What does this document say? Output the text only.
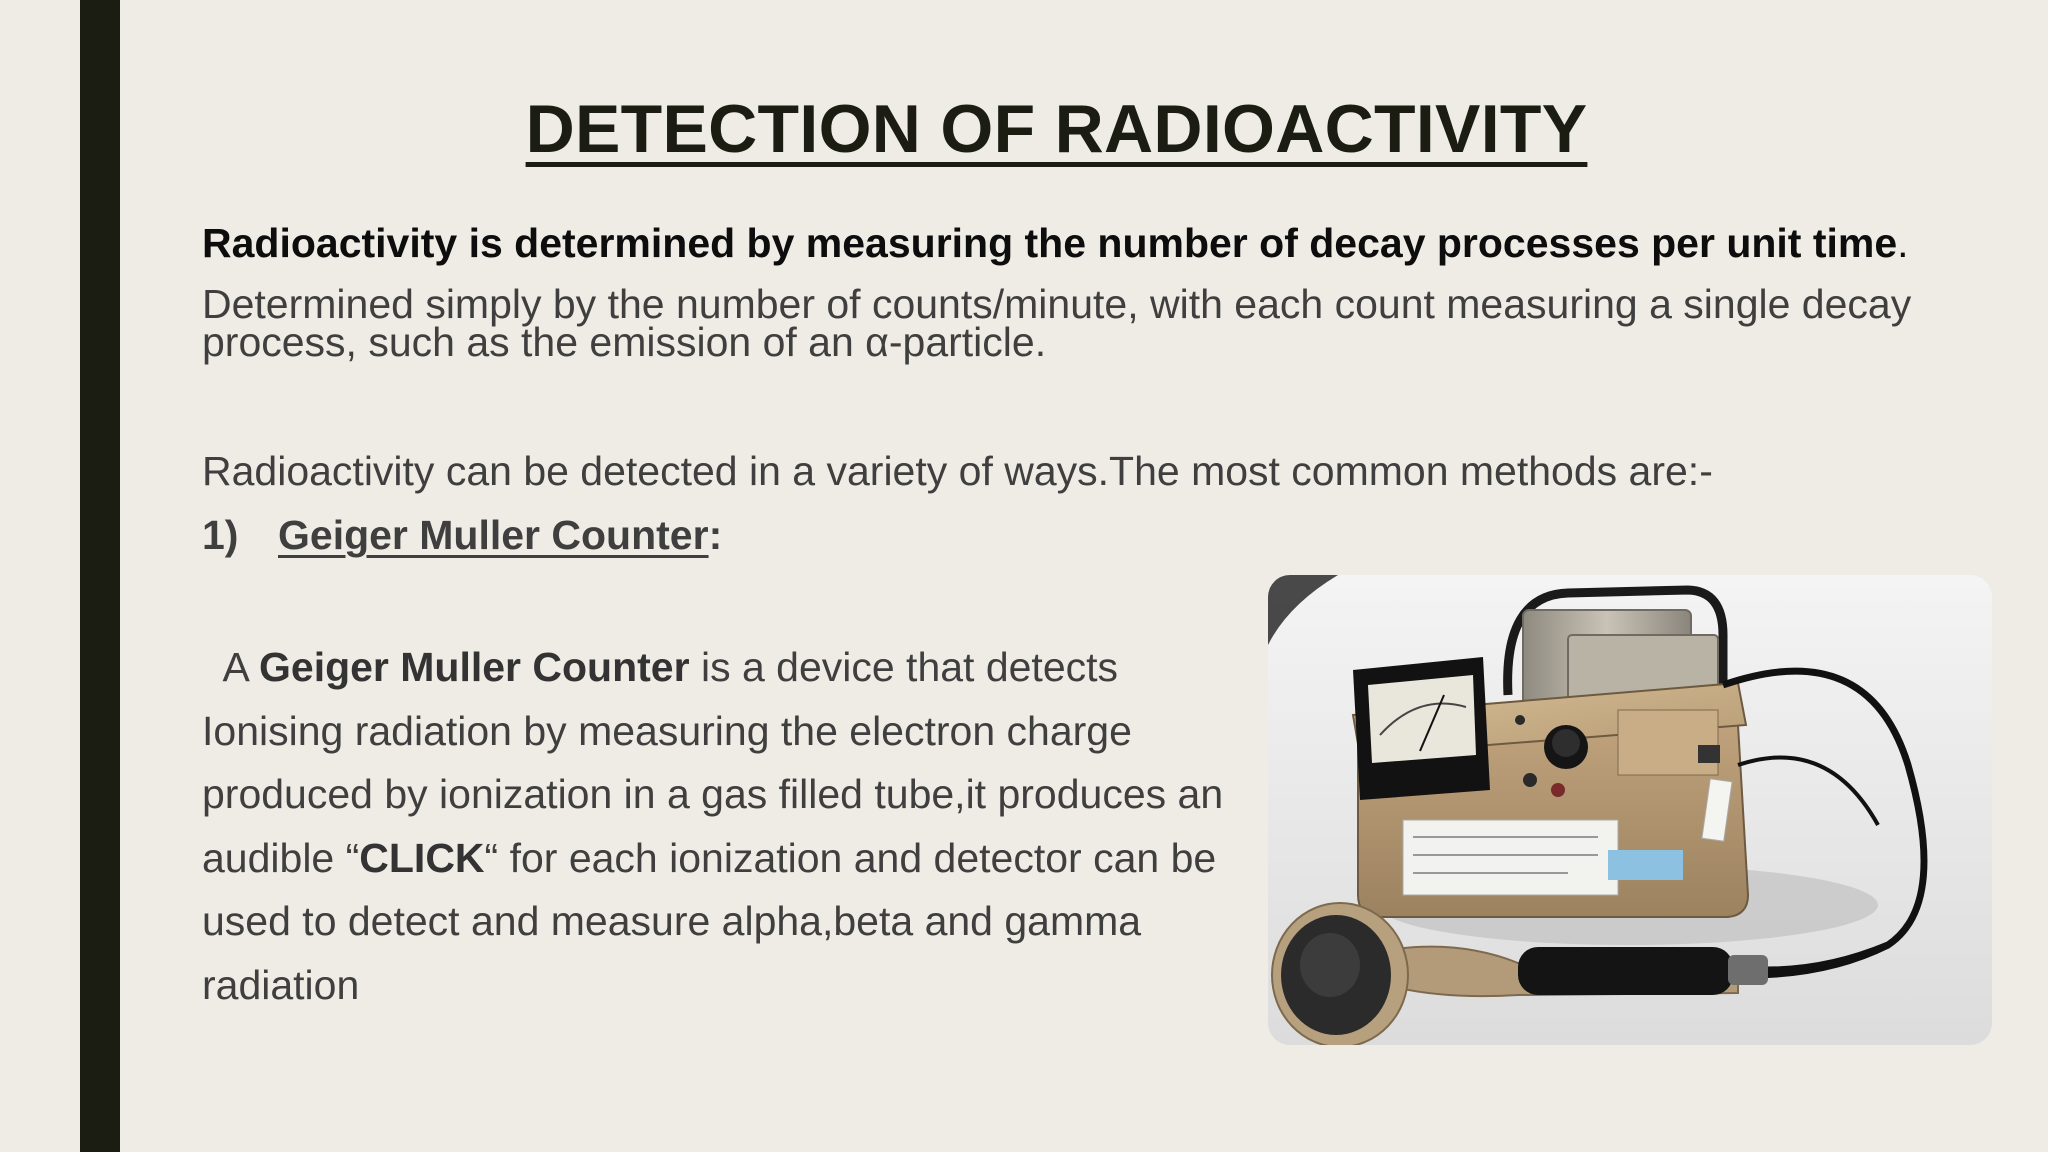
DETECTION OF RADIOACTIVITY

Radioactivity is determined by measuring the number of decay processes per unit time.

Determined simply by the number of counts/minute, with each count measuring a single decay process, such as the emission of an α-particle.

Radioactivity can be detected in a variety of ways.The most common methods are:-

1) Geiger Muller Counter:

A Geiger Muller Counter is a device that detects Ionising radiation by measuring the electron charge produced by ionization in a gas filled tube,it produces an audible “CLICK“ for each ionization and detector can be used to detect and measure alpha,beta and gamma radiation
